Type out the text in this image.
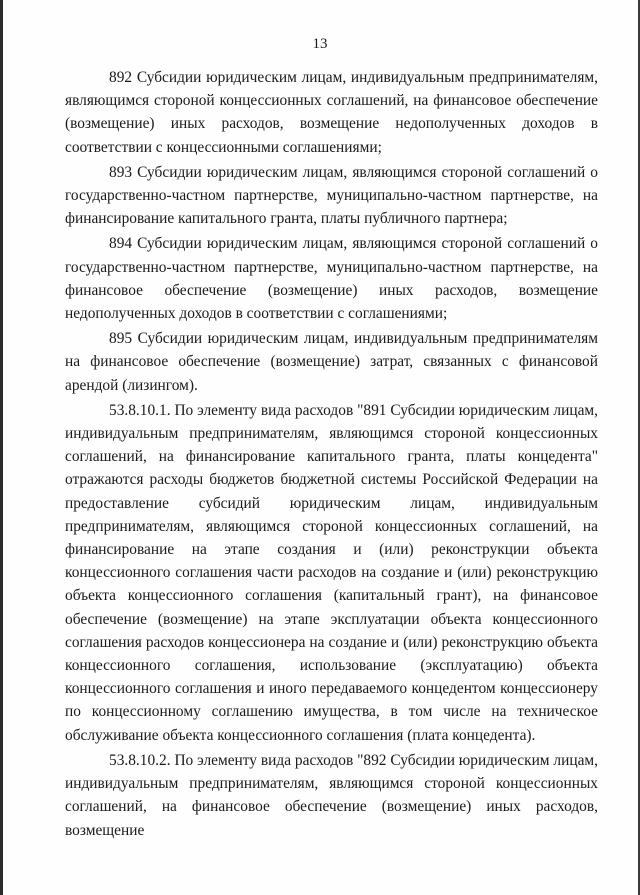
13

892 Субсидии юридическим лицам, индивидуальным предпринимателям, являющимся стороной концессионных соглашений, на финансовое обеспечение (возмещение) иных расходов, возмещение недополученных доходов в соответствии с концессионными соглашениями;

893 Субсидии юридическим лицам, являющимся стороной соглашений о государственно-частном партнерстве, муниципально-частном партнерстве, на финансирование капитального гранта, платы публичного партнера;

894 Субсидии юридическим лицам, являющимся стороной соглашений о государственно-частном партнерстве, муниципально-частном партнерстве, на финансовое обеспечение (возмещение) иных расходов, возмещение недополученных доходов в соответствии с соглашениями;

895 Субсидии юридическим лицам, индивидуальным предпринимателям на финансовое обеспечение (возмещение) затрат, связанных с финансовой арендой (лизингом).

53.8.10.1. По элементу вида расходов "891 Субсидии юридическим лицам, индивидуальным предпринимателям, являющимся стороной концессионных соглашений, на финансирование капитального гранта, платы концедента" отражаются расходы бюджетов бюджетной системы Российской Федерации на предоставление субсидий юридическим лицам, индивидуальным предпринимателям, являющимся стороной концессионных соглашений, на финансирование на этапе создания и (или) реконструкции объекта концессионного соглашения части расходов на создание и (или) реконструкцию объекта концессионного соглашения (капитальный грант), на финансовое обеспечение (возмещение) на этапе эксплуатации объекта концессионного соглашения расходов концессионера на создание и (или) реконструкцию объекта концессионного соглашения, использование (эксплуатацию) объекта концессионного соглашения и иного передаваемого концедентом концессионеру по концессионному соглашению имущества, в том числе на техническое обслуживание объекта концессионного соглашения (плата концедента).

53.8.10.2. По элементу вида расходов "892 Субсидии юридическим лицам, индивидуальным предпринимателям, являющимся стороной концессионных соглашений, на финансовое обеспечение (возмещение) иных расходов, возмещение
